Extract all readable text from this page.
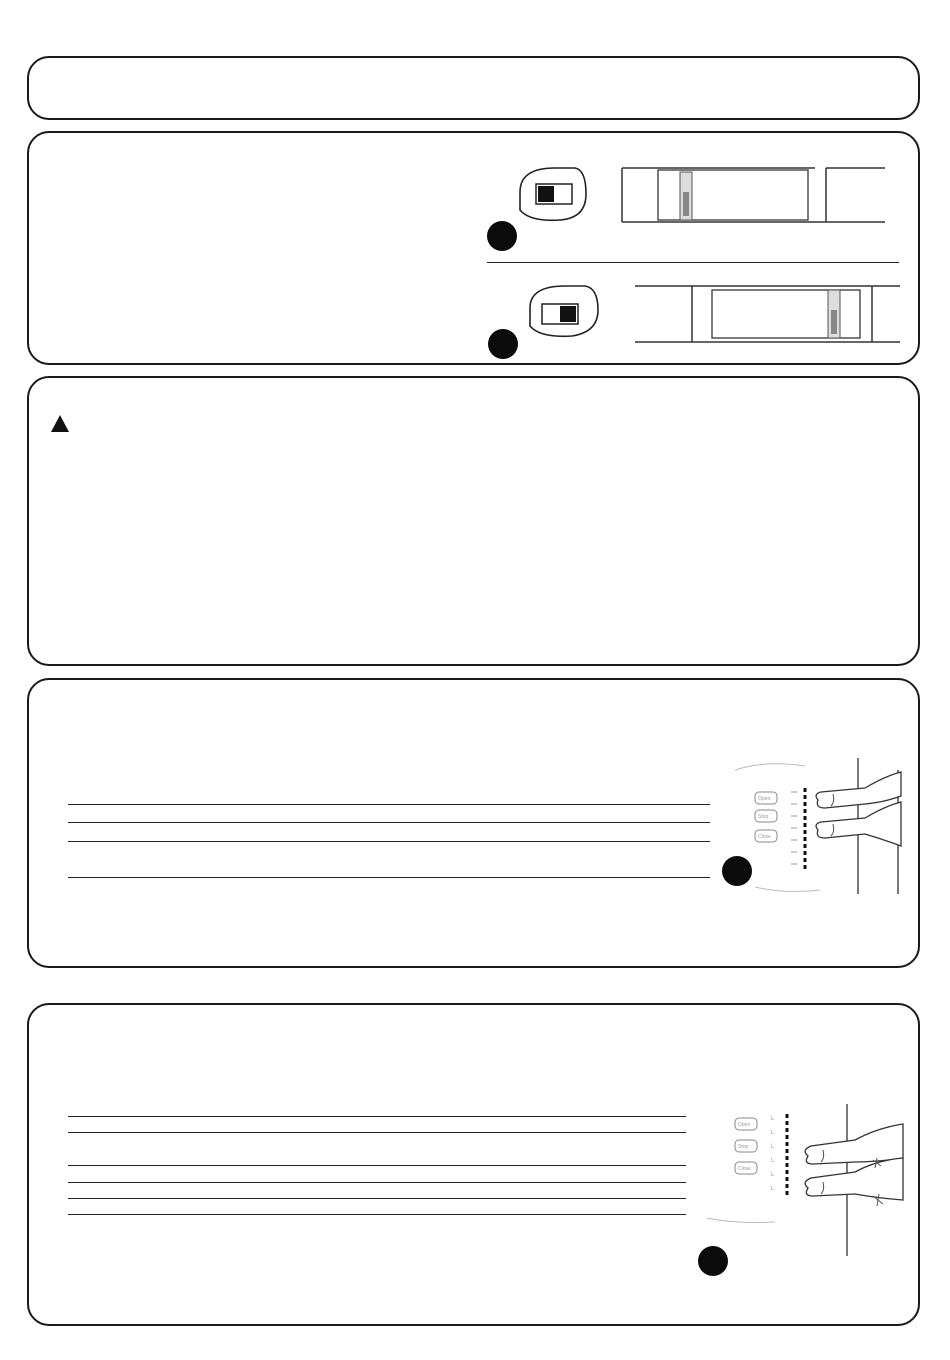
Open
Stop
Close
Open
Stop
Close
L
L
L
L
L
L
